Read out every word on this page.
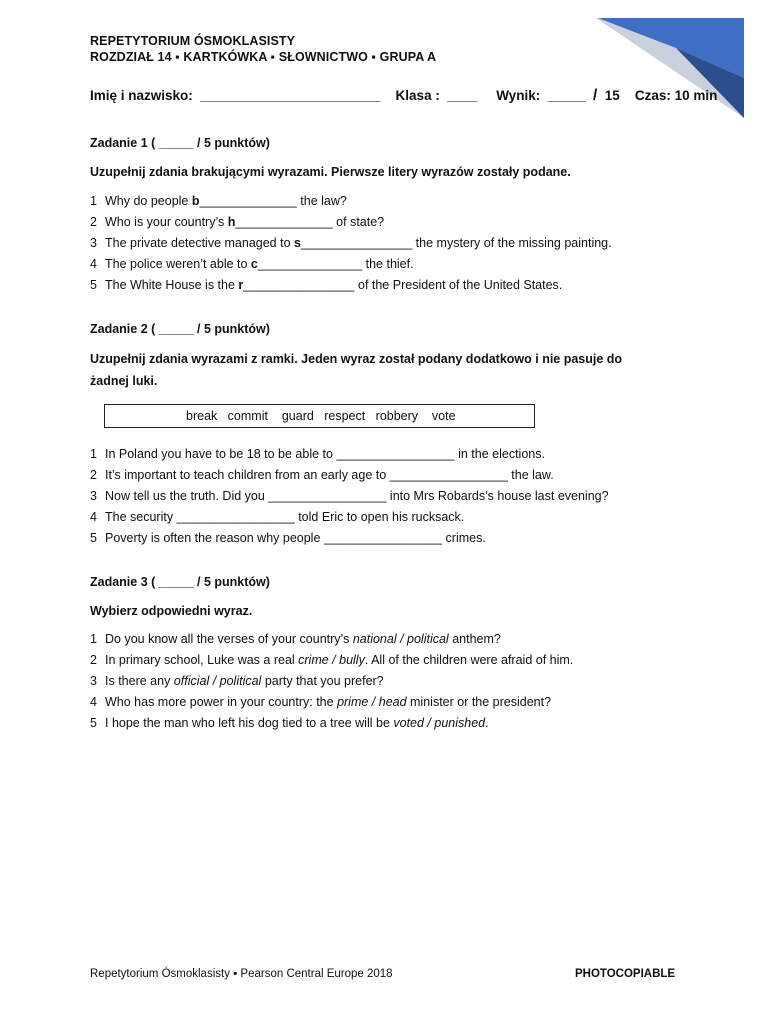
REPETYTORIUM ÓSMOKLASISTY
ROZDZIAŁ 14 ▪ KARTKÓWKA ▪ SŁOWNICTWO ▪ GRUPA A
Imię i nazwisko: ________________________ Klasa : ____ Wynik: _____ / 15 Czas: 10 min
Zadanie 1 ( _____ / 5 punktów)
Uzupełnij zdania brakującymi wyrazami. Pierwsze litery wyrazów zostały podane.
1 Why do people b______________ the law?
2 Who is your country’s h______________ of state?
3 The private detective managed to s________________ the mystery of the missing painting.
4 The police weren’t able to c_______________ the thief.
5 The White House is the r________________ of the President of the United States.
Zadanie 2 ( _____ / 5 punktów)
Uzupełnij zdania wyrazami z ramki. Jeden wyraz został podany dodatkowo i nie pasuje do
żadnej luki.

break   commit    guard   respect   robbery    vote

1 In Poland you have to be 18 to be able to _________________ in the elections.
2 It’s important to teach children from an early age to _________________ the law.
3 Now tell us the truth. Did you _________________ into Mrs Robards’s house last evening?
4 The security _________________ told Eric to open his rucksack.
5 Poverty is often the reason why people _________________ crimes.
Zadanie 3 ( _____ / 5 punktów)
Wybierz odpowiedni wyraz.
1 Do you know all the verses of your country’s national / political anthem?
2 In primary school, Luke was a real crime / bully. All of the children were afraid of him.
3 Is there any official / political party that you prefer?
4 Who has more power in your country: the prime / head minister or the president?
5 I hope the man who left his dog tied to a tree will be voted / punished.
Repetytorium Ósmoklasisty ▪ Pearson Central Europe 2018	PHOTOCOPIABLE
